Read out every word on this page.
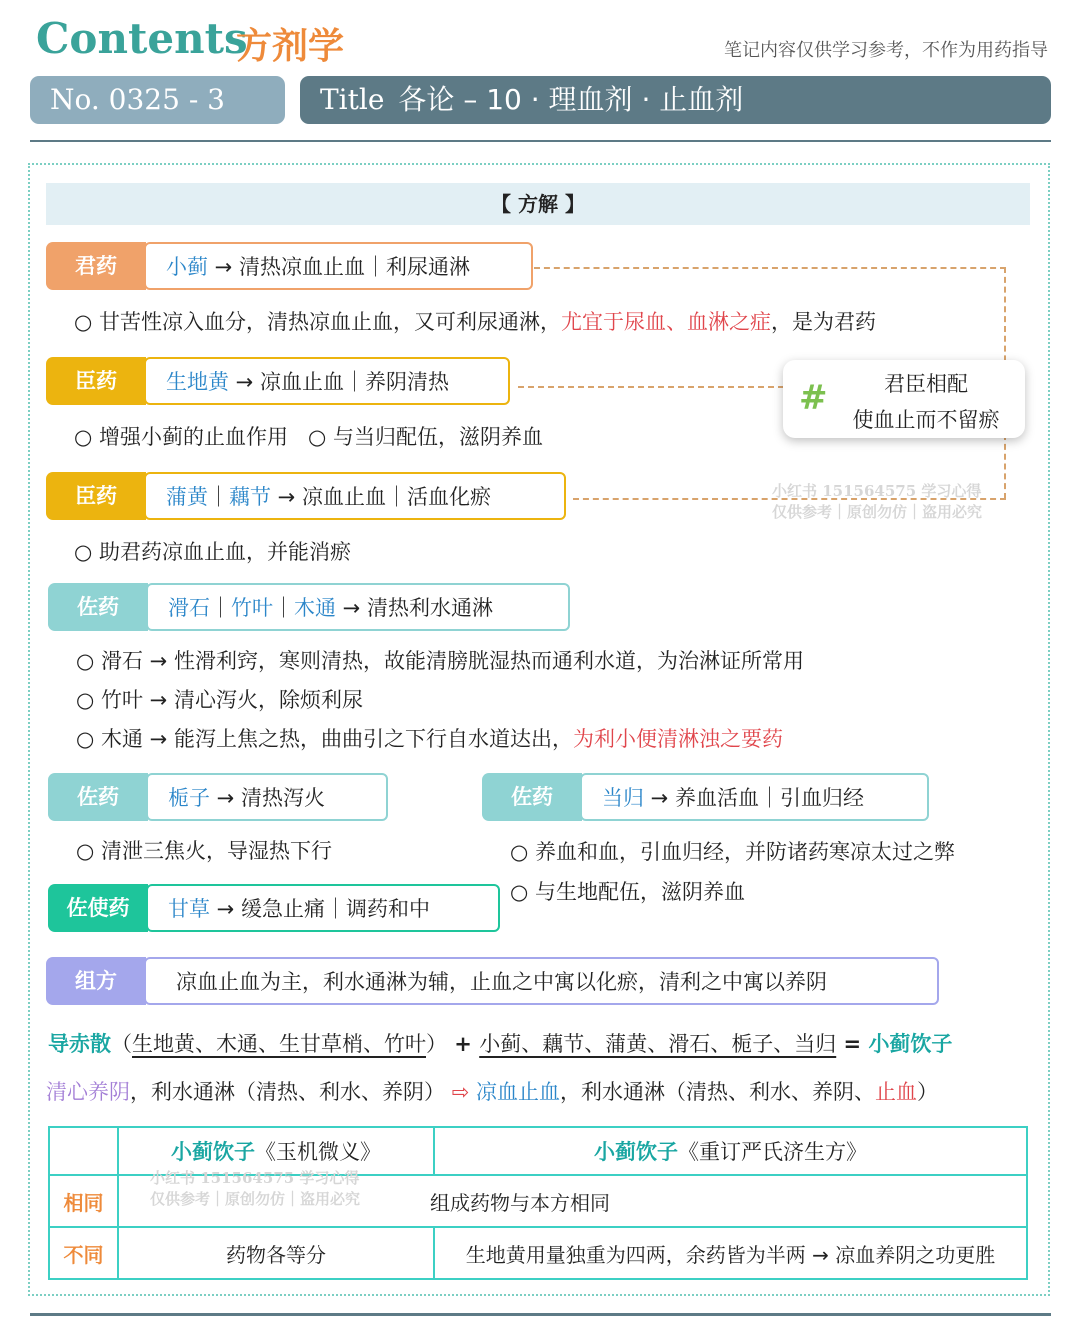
Contents
方剂学	笔记内容仅供学习参考，不作为用药指导
No. 0325 - 3	Title 各论 – 10 · 理血剂 · 止血剂
【 方解 】
君药	小蓟 → 清热凉血止血｜利尿通淋
○ 甘苦性凉入血分，清热凉血止血，又可利尿通淋，尤宜于尿血、血淋之症，是为君药
臣药	生地黄 → 凉血止血｜养阴清热
○ 增强小蓟的止血作用   ○ 与当归配伍，滋阴养血
#	君臣相配
使血止而不留瘀
臣药	蒲黄｜藕节 → 凉血止血｜活血化瘀
○ 助君药凉血止血，并能消瘀
小红书 151564575 学习心得
仅供参考｜原创勿仿｜盗用必究
佐药	滑石｜竹叶｜木通 → 清热利水通淋
○ 滑石 → 性滑利窍，寒则清热，故能清膀胱湿热而通利水道，为治淋证所常用
○ 竹叶 → 清心泻火，除烦利尿
○ 木通 → 能泻上焦之热，曲曲引之下行自水道达出，为利小便清淋浊之要药
佐药	栀子 → 清热泻火
○ 清泄三焦火，导湿热下行
佐药	当归 → 养血活血｜引血归经
○ 养血和血，引血归经，并防诸药寒凉太过之弊
○ 与生地配伍，滋阴养血
佐使药	甘草 → 缓急止痛｜调药和中
组方	凉血止血为主，利水通淋为辅，止血之中寓以化瘀，清利之中寓以养阴
导赤散（生地黄、木通、生甘草梢、竹叶） + 小蓟、藕节、蒲黄、滑石、栀子、当归 = 小蓟饮子
清心养阴，利水通淋（清热、利水、养阴） ⇨ 凉血止血，利水通淋（清热、利水、养阴、止血）
	小蓟饮子《玉机微义》	小蓟饮子《重订严氏济生方》
相同	组成药物与本方相同	
不同	药物各等分	生地黄用量独重为四两，余药皆为半两 → 凉血养阴之功更胜
小红书 151564575 学习心得
仅供参考｜原创勿仿｜盗用必究
